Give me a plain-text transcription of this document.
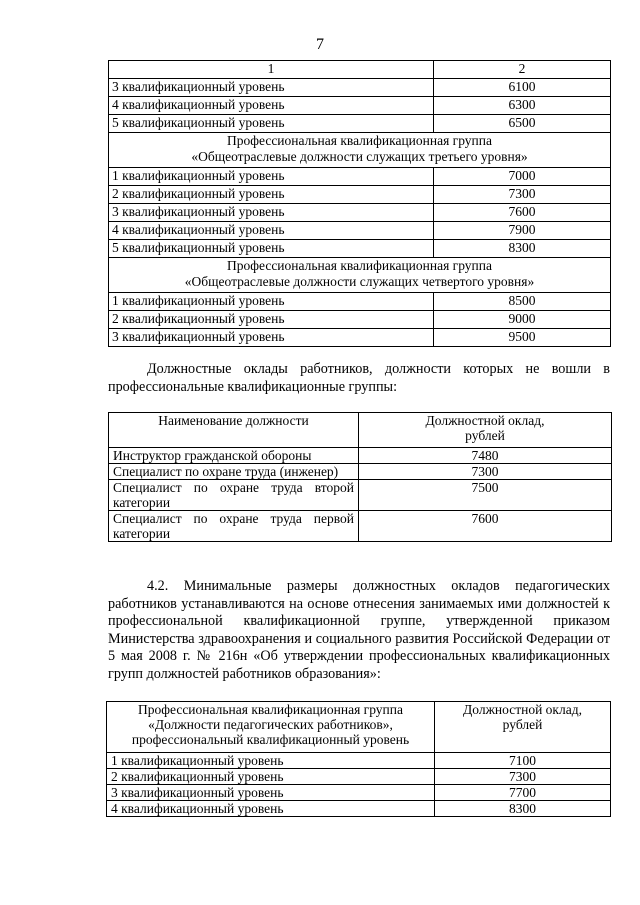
7
1	2
3 квалификационный уровень	6100
4 квалификационный уровень	6300
5 квалификационный уровень	6500
Профессиональная квалификационная группа
«Общеотраслевые должности служащих третьего уровня»	
1 квалификационный уровень	7000
2 квалификационный уровень	7300
3 квалификационный уровень	7600
4 квалификационный уровень	7900
5 квалификационный уровень	8300
Профессиональная квалификационная группа
«Общеотраслевые должности служащих четвертого уровня»	
1 квалификационный уровень	8500
2 квалификационный уровень	9000
3 квалификационный уровень	9500

Должностные оклады работников, должности которых не вошли в профессиональные квалификационные группы:

Наименование должности	Должностной оклад,
рублей
Инструктор гражданской обороны	7480
Специалист по охране труда (инженер)	7300
Специалист по охране труда второй категории	7500
Специалист по охране труда первой категории	7600

4.2. Минимальные размеры должностных окладов педагогических работников устанавливаются на основе отнесения занимаемых ими должностей к профессиональной квалификационной группе, утвержденной приказом Министерства здравоохранения и социального развития Российской Федерации от 5 мая 2008 г. № 216н «Об утверждении профессиональных квалификационных групп должностей работников образования»:

Профессиональная квалификационная группа «Должности педагогических работников», профессиональный квалификационный уровень	Должностной оклад,
рублей
1 квалификационный уровень	7100
2 квалификационный уровень	7300
3 квалификационный уровень	7700
4 квалификационный уровень	8300
